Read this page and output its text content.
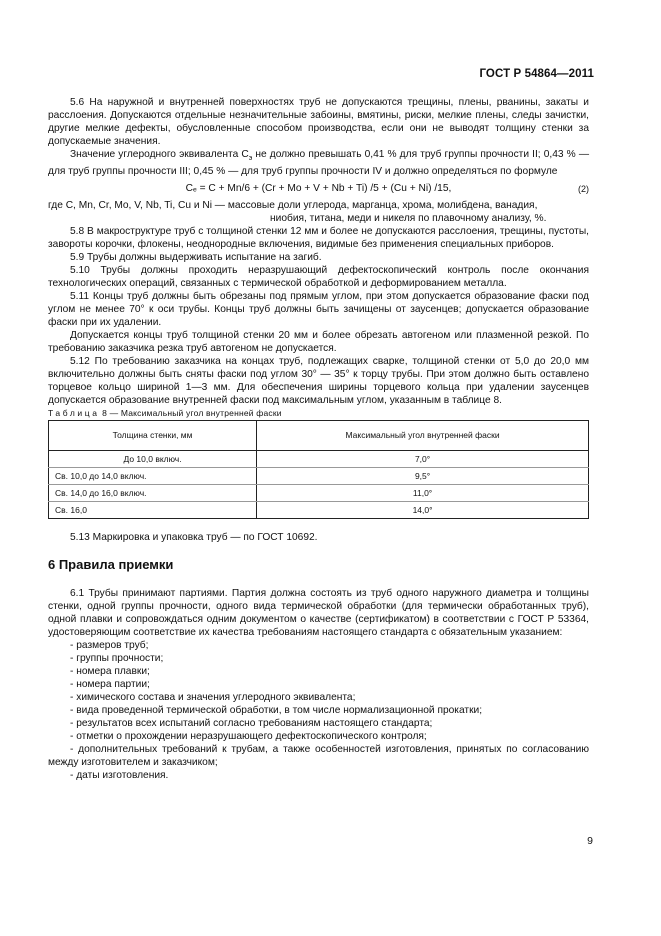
ГОСТ Р 54864—2011

5.6 На наружной и внутренней поверхностях труб не допускаются трещины, плены, рванины, закаты и расслоения. Допускаются отдельные незначительные забоины, вмятины, риски, мелкие плены, следы зачистки, другие мелкие дефекты, обусловленные способом производства, если они не выводят толщину стенки за допускаемые значения.

Значение углеродного эквивалента $С_э$ не должно превышать 0,41 % для труб группы прочности II; 0,43 % — для труб группы прочности III; 0,45 % — для труб группы прочности IV и должно определяться по формуле

Cₑ = C + Mn/6 + (Cr + Mo + V + Nb + Ti) /5 + (Cu + Ni) /15,	(2)

где C, Mn, Cr, Mo, V, Nb, Ti, Cu и Ni — массовые доли углерода, марганца, хрома, молибдена, ванадия,

ниобия, титана, меди и никеля по плавочному анализу, %.

5.8 В макроструктуре труб с толщиной стенки 12 мм и более не допускаются расслоения, трещины, пустоты, завороты корочки, флокены, неоднородные включения, видимые без применения специальных приборов.

5.9 Трубы должны выдерживать испытание на загиб.

5.10 Трубы должны проходить неразрушающий дефектоскопический контроль после окончания технологических операций, связанных с термической обработкой и деформированием металла.

5.11 Концы труб должны быть обрезаны под прямым углом, при этом допускается образование фаски под углом не менее 70° к оси трубы. Концы труб должны быть зачищены от заусенцев; допускается образование фаски при их удалении.

Допускается концы труб толщиной стенки 20 мм и более обрезать автогеном или плазменной резкой. По требованию заказчика резка труб автогеном не допускается.

5.12 По требованию заказчика на концах труб, подлежащих сварке, толщиной стенки от 5,0 до 20,0 мм включительно должны быть сняты фаски под углом 30° — 35° к торцу трубы. При этом должно быть оставлено торцевое кольцо шириной 1—3 мм. Для обеспечения ширины торцевого кольца при удалении заусенцев допускается образование внутренней фаски под максимальным углом, указанным в таблице 8.

Таблица 8 — Максимальный угол внутренней фаски

Толщина стенки, мм	Максимальный угол внутренней фаски
До 10,0 включ.	7,0°
Св. 10,0 до 14,0 включ.	9,5°
Св. 14,0 до 16,0 включ.	11,0°
Св. 16,0	14,0°

5.13 Маркировка и упаковка труб — по ГОСТ 10692.

6 Правила приемки

6.1 Трубы принимают партиями. Партия должна состоять из труб одного наружного диаметра и толщины стенки, одной группы прочности, одного вида термической обработки (для термически обработанных труб), одной плавки и сопровождаться одним документом о качестве (сертификатом) в соответствии с ГОСТ Р 53364, удостоверяющим соответствие их качества требованиям настоящего стандарта с обязательным указанием:

- размеров труб;

- группы прочности;

- номера плавки;

- номера партии;

- химического состава и значения углеродного эквивалента;

- вида проведенной термической обработки, в том числе нормализационной прокатки;

- результатов всех испытаний согласно требованиям настоящего стандарта;

- отметки о прохождении неразрушающего дефектоскопического контроля;

- дополнительных требований к трубам, а также особенностей изготовления, принятых по согласованию между изготовителем и заказчиком;

- даты изготовления.

9
